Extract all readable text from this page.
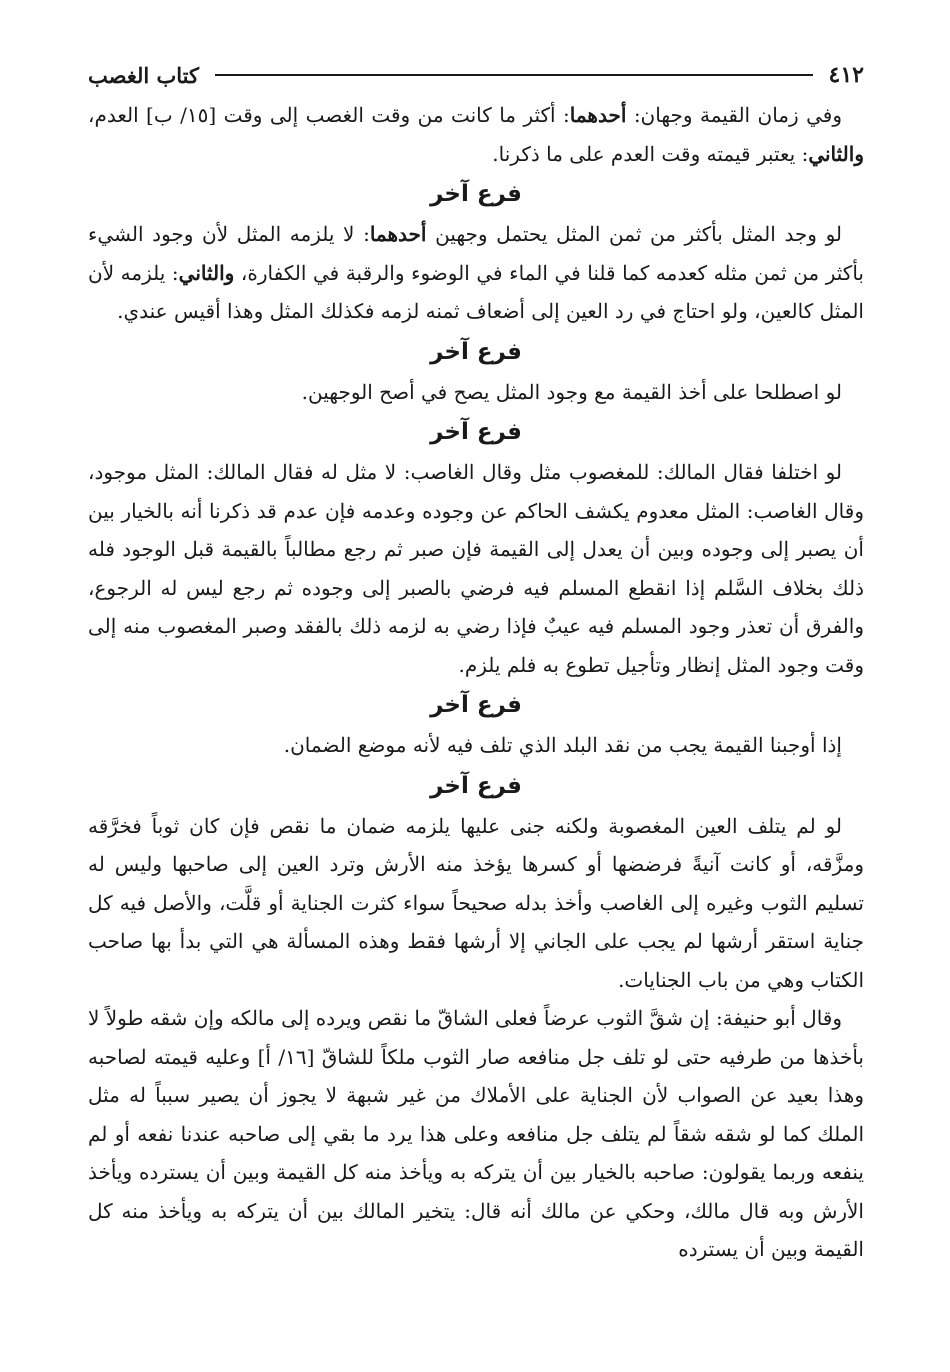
٤١٢
كتاب الغصب

وفي زمان القيمة وجهان: أحدهما: أكثر ما كانت من وقت الغصب إلى وقت [١٥/ ب] العدم، والثاني: يعتبر قيمته وقت العدم على ما ذكرنا.

فرع آخر

لو وجد المثل بأكثر من ثمن المثل يحتمل وجهين أحدهما: لا يلزمه المثل لأن وجود الشيء بأكثر من ثمن مثله كعدمه كما قلنا في الماء في الوضوء والرقبة في الكفارة، والثاني: يلزمه لأن المثل كالعين، ولو احتاج في رد العين إلى أضعاف ثمنه لزمه فكذلك المثل وهذا أقيس عندي.

فرع آخر

لو اصطلحا على أخذ القيمة مع وجود المثل يصح في أصح الوجهين.

فرع آخر

لو اختلفا فقال المالك: للمغصوب مثل وقال الغاصب: لا مثل له فقال المالك: المثل موجود، وقال الغاصب: المثل معدوم يكشف الحاكم عن وجوده وعدمه فإن عدم قد ذكرنا أنه بالخيار بين أن يصبر إلى وجوده وبين أن يعدل إلى القيمة فإن صبر ثم رجع مطالباً بالقيمة قبل الوجود فله ذلك بخلاف السَّلم إذا انقطع المسلم فيه فرضي بالصبر إلى وجوده ثم رجع ليس له الرجوع، والفرق أن تعذر وجود المسلم فيه عيبٌ فإذا رضي به لزمه ذلك بالفقد وصبر المغصوب منه إلى وقت وجود المثل إنظار وتأجيل تطوع به فلم يلزم.

فرع آخر

إذا أوجبنا القيمة يجب من نقد البلد الذي تلف فيه لأنه موضع الضمان.

فرع آخر

لو لم يتلف العين المغصوبة ولكنه جنى عليها يلزمه ضمان ما نقص فإن كان ثوباً فخرَّقه ومزَّقه، أو كانت آنيةً فرضضها أو كسرها يؤخذ منه الأرش وترد العين إلى صاحبها وليس له تسليم الثوب وغيره إلى الغاصب وأخذ بدله صحيحاً سواء كثرت الجناية أو قلَّت، والأصل فيه كل جناية استقر أرشها لم يجب على الجاني إلا أرشها فقط وهذه المسألة هي التي بدأ بها صاحب الكتاب وهي من باب الجنايات.

وقال أبو حنيفة: إن شقَّ الثوب عرضاً فعلى الشاقّ ما نقص ويرده إلى مالكه وإن شقه طولاً لا بأخذها من طرفيه حتى لو تلف جل منافعه صار الثوب ملكاً للشاقّ [١٦/ أ] وعليه قيمته لصاحبه وهذا بعيد عن الصواب لأن الجناية على الأملاك من غير شبهة لا يجوز أن يصير سبباً له مثل الملك كما لو شقه شقاً لم يتلف جل منافعه وعلى هذا يرد ما بقي إلى صاحبه عندنا نفعه أو لم ينفعه وربما يقولون: صاحبه بالخيار بين أن يتركه به ويأخذ منه كل القيمة وبين أن يسترده ويأخذ الأرش وبه قال مالك، وحكي عن مالك أنه قال: يتخير المالك بين أن يتركه به ويأخذ منه كل القيمة وبين أن يسترده
